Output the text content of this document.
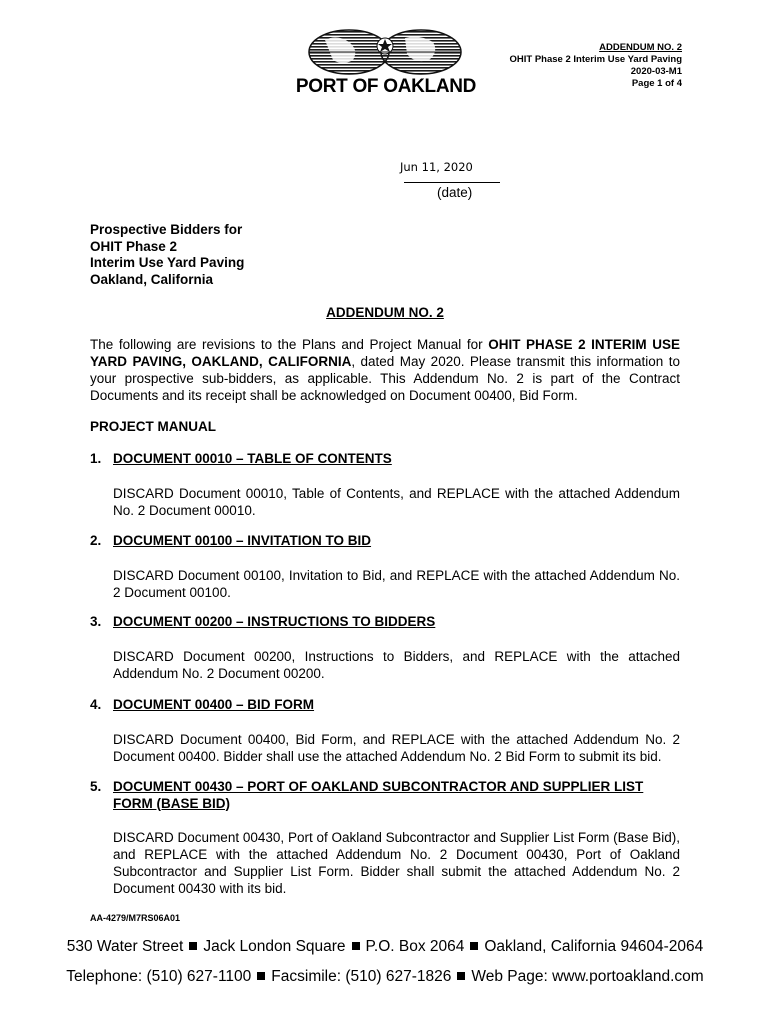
PORT OF OAKLAND
ADDENDUM NO. 2
OHIT Phase 2 Interim Use Yard Paving
2020-03-M1
Page 1 of 4
Jun 11, 2020
(date)
Prospective Bidders for
OHIT Phase 2
Interim Use Yard Paving
Oakland, California
ADDENDUM NO. 2
The following are revisions to the Plans and Project Manual for OHIT PHASE 2 INTERIM USE YARD PAVING, OAKLAND, CALIFORNIA, dated May 2020. Please transmit this information to your prospective sub-bidders, as applicable. This Addendum No. 2 is part of the Contract Documents and its receipt shall be acknowledged on Document 00400, Bid Form.
PROJECT MANUAL
1. DOCUMENT 00010 – TABLE OF CONTENTS
DISCARD Document 00010, Table of Contents, and REPLACE with the attached Addendum No. 2 Document 00010.
2. DOCUMENT 00100 – INVITATION TO BID
DISCARD Document 00100, Invitation to Bid, and REPLACE with the attached Addendum No. 2 Document 00100.
3. DOCUMENT 00200 – INSTRUCTIONS TO BIDDERS
DISCARD Document 00200, Instructions to Bidders, and REPLACE with the attached Addendum No. 2 Document 00200.
4. DOCUMENT 00400 – BID FORM
DISCARD Document 00400, Bid Form, and REPLACE with the attached Addendum No. 2 Document 00400. Bidder shall use the attached Addendum No. 2 Bid Form to submit its bid.
5. DOCUMENT 00430 – PORT OF OAKLAND SUBCONTRACTOR AND SUPPLIER LIST FORM (BASE BID)
DISCARD Document 00430, Port of Oakland Subcontractor and Supplier List Form (Base Bid), and REPLACE with the attached Addendum No. 2 Document 00430, Port of Oakland Subcontractor and Supplier List Form. Bidder shall submit the attached Addendum No. 2 Document 00430 with its bid.
AA-4279/M7RS06A01
530 Water Street Jack London Square P.O. Box 2064 Oakland, California 94604-2064
Telephone: (510) 627-1100 Facsimile: (510) 627-1826 Web Page: www.portoakland.com
